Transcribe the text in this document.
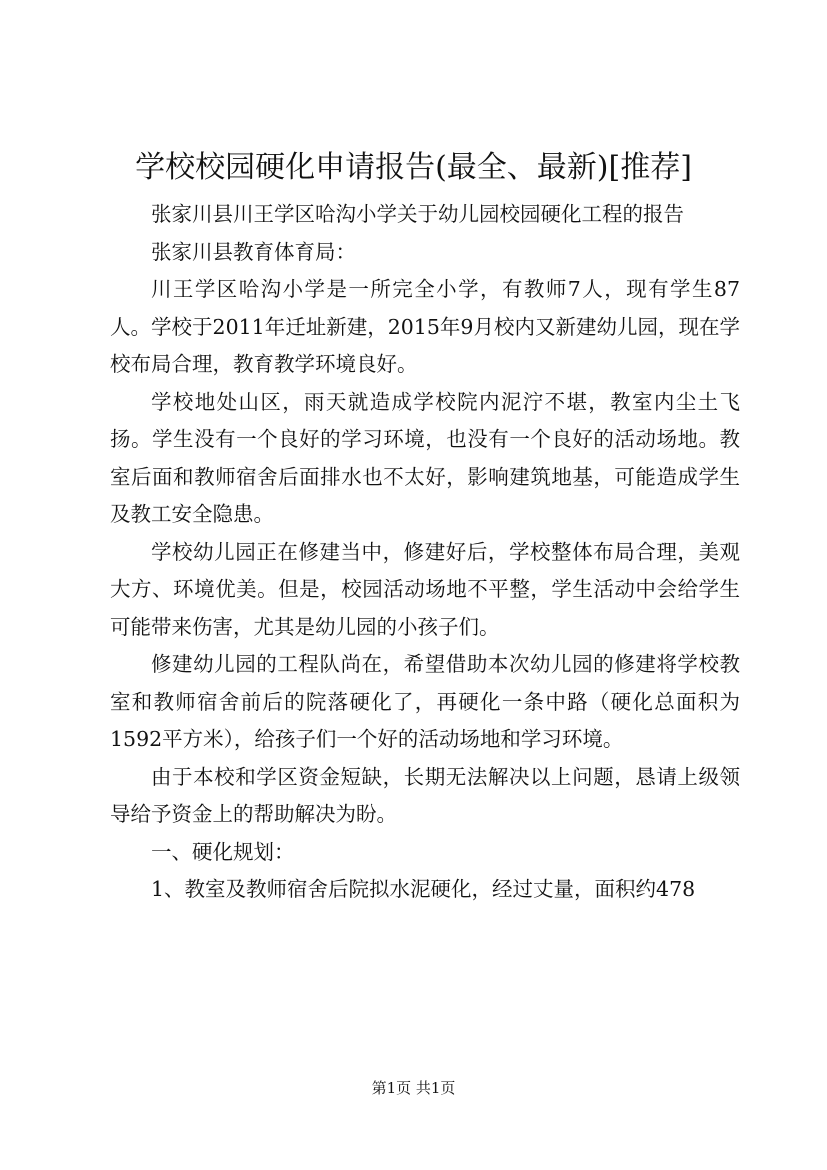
学校校园硬化申请报告(最全、最新)[推荐]

张家川县川王学区哈沟小学关于幼儿园校园硬化工程的报告

张家川县教育体育局：

川王学区哈沟小学是一所完全小学，有教师7人，现有学生87人。学校于2011年迁址新建，2015年9月校内又新建幼儿园，现在学校布局合理，教育教学环境良好。

学校地处山区，雨天就造成学校院内泥泞不堪，教室内尘土飞扬。学生没有一个良好的学习环境，也没有一个良好的活动场地。教室后面和教师宿舍后面排水也不太好，影响建筑地基，可能造成学生及教工安全隐患。

学校幼儿园正在修建当中，修建好后，学校整体布局合理，美观大方、环境优美。但是，校园活动场地不平整，学生活动中会给学生可能带来伤害，尤其是幼儿园的小孩子们。

修建幼儿园的工程队尚在，希望借助本次幼儿园的修建将学校教室和教师宿舍前后的院落硬化了，再硬化一条中路（硬化总面积为1592平方米），给孩子们一个好的活动场地和学习环境。

由于本校和学区资金短缺，长期无法解决以上问题，恳请上级领导给予资金上的帮助解决为盼。

一、硬化规划：

1、教室及教师宿舍后院拟水泥硬化，经过丈量，面积约478

第1页 共1页
